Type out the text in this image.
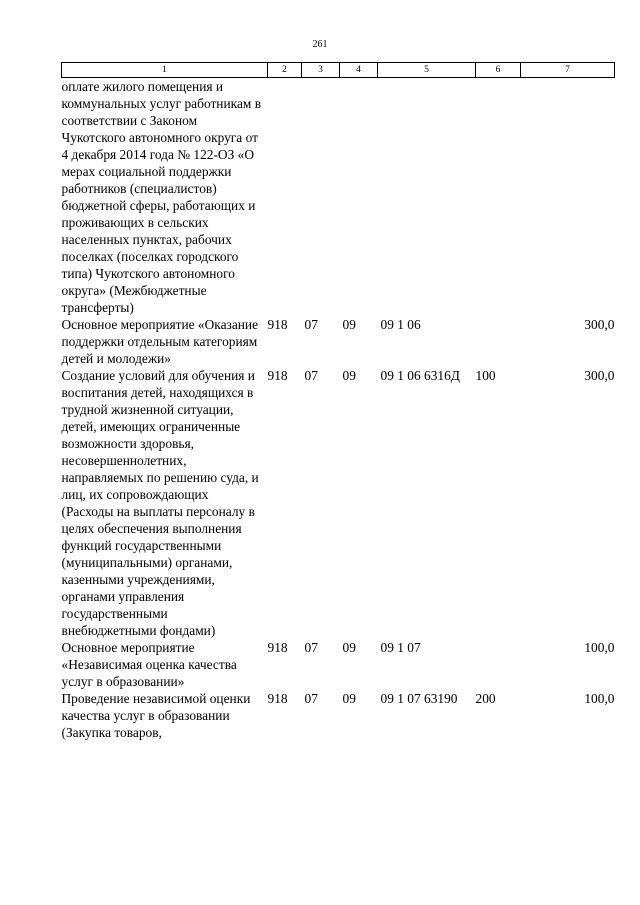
261
1	2	3	4	5	6	7
оплате жилого помещения и коммунальных услуг работникам в соответствии с Законом Чукотского автономного округа от 4 декабря 2014 года № 122-ОЗ «О мерах социальной поддержки работников (специалистов) бюджетной сферы, работающих и проживающих в сельских населенных пунктах, рабочих поселках (поселках городского типа) Чукотского автономного округа» (Межбюджетные трансферты)						
Основное мероприятие «Оказание поддержки отдельным категориям детей и молодежи»	918	07	09	09 1 06		300,0
Создание условий для обучения и воспитания детей, находящихся в трудной жизненной ситуации, детей, имеющих ограниченные возможности здоровья, несовершеннолетних, направляемых по решению суда, и лиц, их сопровождающих (Расходы на выплаты персоналу в целях обеспечения выполнения функций государственными (муниципальными) органами, казенными учреждениями, органами управления государственными внебюджетными фондами)	918	07	09	09 1 06 6316Д	100	300,0
Основное мероприятие «Независимая оценка качества услуг в образовании»	918	07	09	09 1 07		100,0
Проведение независимой оценки качества услуг в образовании (Закупка товаров,	918	07	09	09 1 07 63190	200	100,0
